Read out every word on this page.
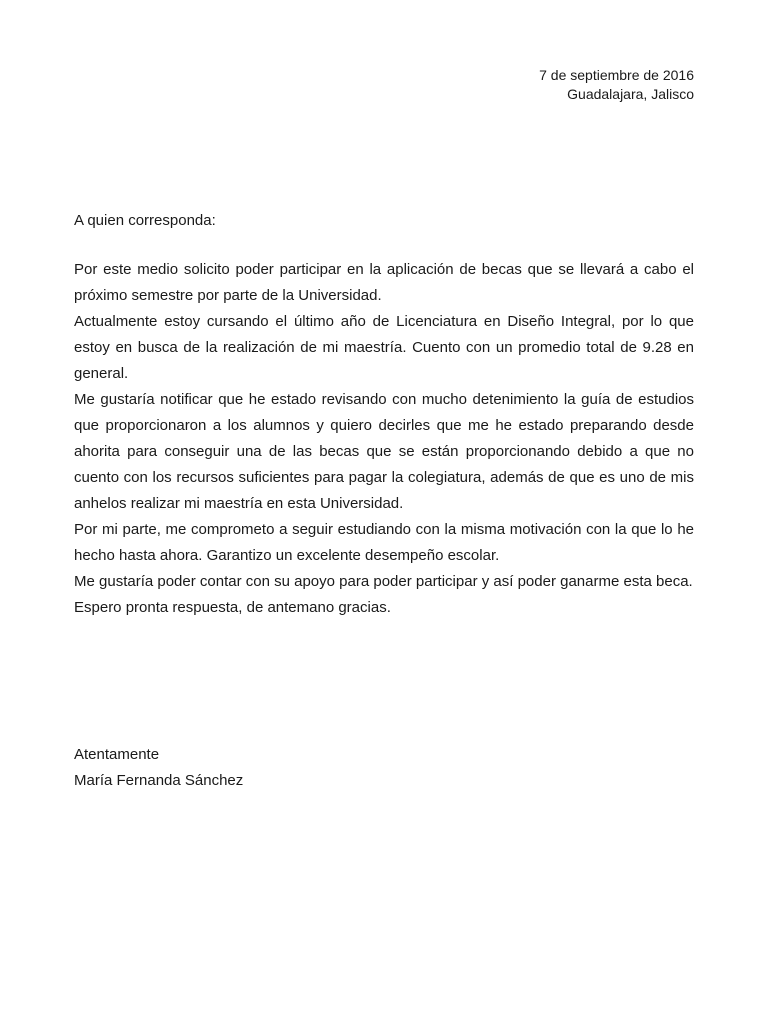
7 de septiembre de 2016
Guadalajara, Jalisco
A quien corresponda:

Por este medio solicito poder participar en la aplicación de becas que se llevará a cabo el próximo semestre por parte de la Universidad.

Actualmente estoy cursando el último año de Licenciatura en Diseño Integral, por lo que estoy en busca de la realización de mi maestría. Cuento con un promedio total de 9.28 en general.

Me gustaría notificar que he estado revisando con mucho detenimiento la guía de estudios que proporcionaron a los alumnos y quiero decirles que me he estado preparando desde ahorita para conseguir una de las becas que se están proporcionando debido a que no cuento con los recursos suficientes para pagar la colegiatura, además de que es uno de mis anhelos realizar mi maestría en esta Universidad.

Por mi parte, me comprometo a seguir estudiando con la misma motivación con la que lo he hecho hasta ahora. Garantizo un excelente desempeño escolar.

Me gustaría poder contar con su apoyo para poder participar y así poder ganarme esta beca.

Espero pronta respuesta, de antemano gracias.

Atentamente
María Fernanda Sánchez
